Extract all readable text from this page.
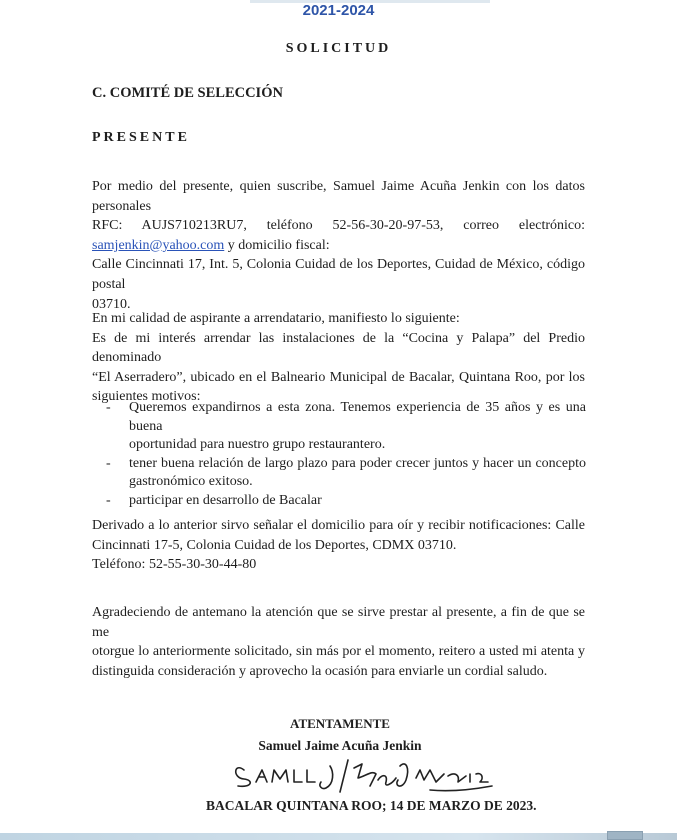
2021-2024
SOLICITUD
C. COMITÉ DE SELECCIÓN
PRESENTE
Por medio del presente, quien suscribe, Samuel Jaime Acuña Jenkin con los datos personales
RFC: AUJS710213RU7, teléfono 52-56-30-20-97-53, correo electrónico:
samjenkin@yahoo.com y domicilio fiscal:
Calle Cincinnati 17, Int. 5, Colonia Cuidad de los Deportes, Cuidad de México, código postal
03710.
En mi calidad de aspirante a arrendatario, manifiesto lo siguiente:
Es de mi interés arrendar las instalaciones de la “Cocina y Palapa” del Predio denominado
“El Aserradero”, ubicado en el Balneario Municipal de Bacalar, Quintana Roo, por los
siguientes motivos:
- Queremos expandirnos a esta zona. Tenemos experiencia de 35 años y es una buena
oportunidad para nuestro grupo restaurantero.
- tener buena relación de largo plazo para poder crecer juntos y hacer un concepto
gastronómico exitoso.
- participar en desarrollo de Bacalar
Derivado a lo anterior sirvo señalar el domicilio para oír y recibir notificaciones: Calle
Cincinnati 17-5, Colonia Cuidad de los Deportes, CDMX 03710.
Teléfono: 52-55-30-30-44-80
Agradeciendo de antemano la atención que se sirve prestar al presente, a fin de que se me
otorgue lo anteriormente solicitado, sin más por el momento, reitero a usted mi atenta y
distinguida consideración y aprovecho la ocasión para enviarle un cordial saludo.
ATENTAMENTE
Samuel Jaime Acuña Jenkin
BACALAR QUINTANA ROO; 14 DE MARZO DE 2023.
